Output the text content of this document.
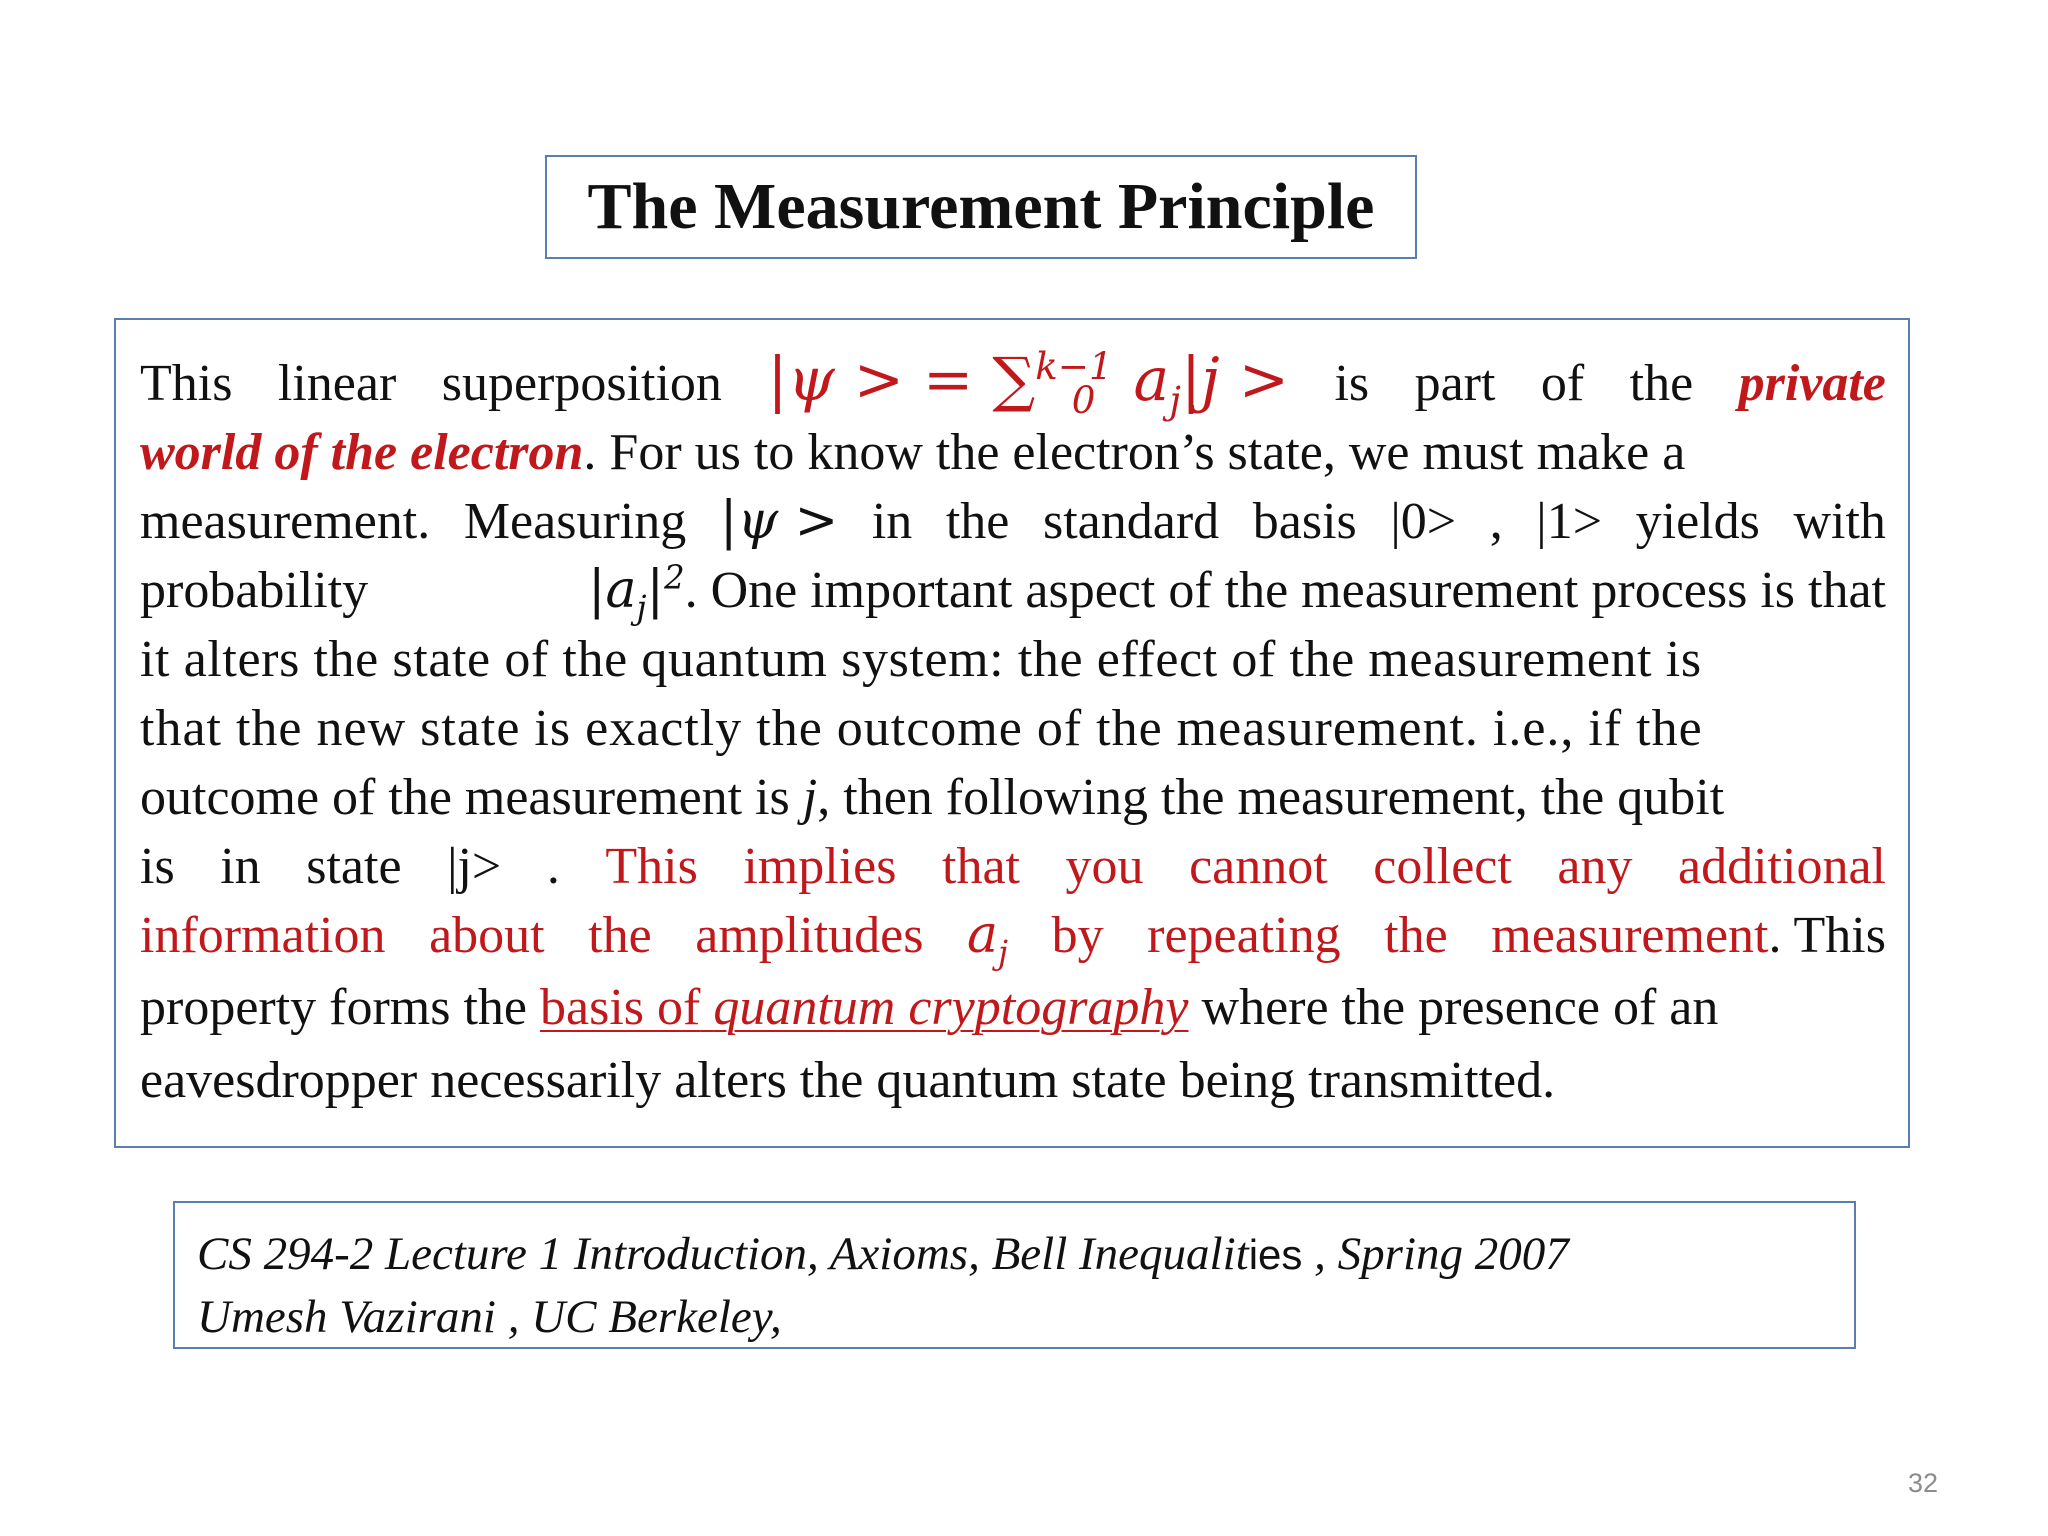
The Measurement Principle
This linear superposition |ψ > = ∑$^{k-1}_0$ $a_j|j$ > is part of the private
world of the electron. For us to know the electron’s state, we must make a
measurement. Measuring |ψ > in the standard basis |0> , |1> yields with
probability	$|a_j|^2$. One important aspect of the measurement process is that
it alters the state of the quantum system: the effect of the measurement is
that the new state is exactly the outcome of the measurement. i.e., if the
outcome of the measurement is j, then following the measurement, the qubit
is in state |j> . This implies that you cannot collect any additional
information about the amplitudes $a_j$ by repeating the measurement. This
property forms the basis of quantum cryptography where the presence of an
eavesdropper necessarily alters the quantum state being transmitted.
CS 294-2 Lecture 1 Introduction, Axioms, Bell Inequalities , Spring 2007
Umesh Vazirani , UC Berkeley,
32
